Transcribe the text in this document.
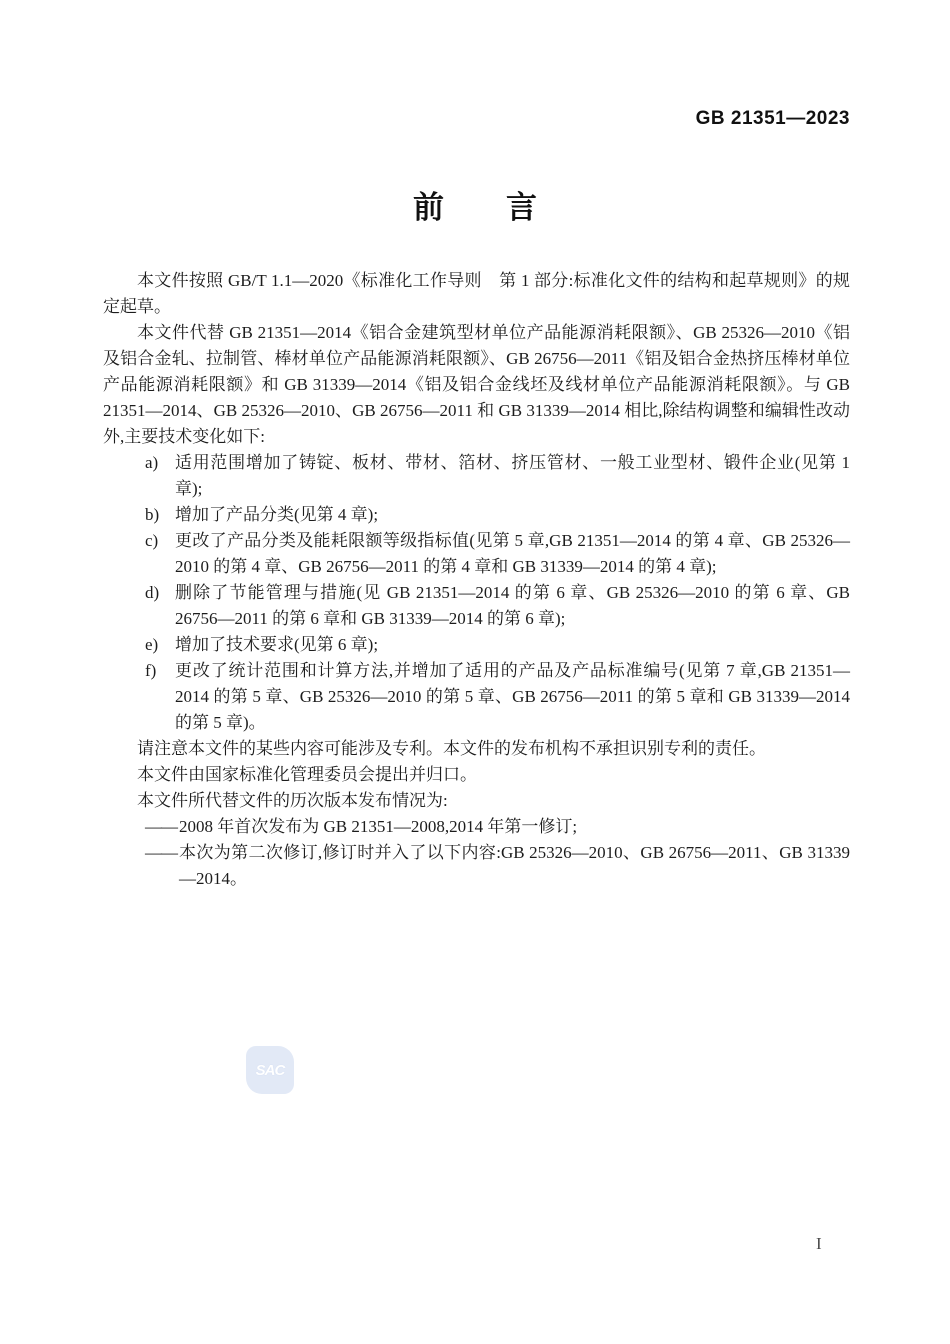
GB 21351—2023
前　　言

本文件按照 GB/T 1.1—2020《标准化工作导则　第 1 部分:标准化文件的结构和起草规则》的规定起草。

本文件代替 GB 21351—2014《铝合金建筑型材单位产品能源消耗限额》、GB 25326—2010《铝及铝合金轧、拉制管、棒材单位产品能源消耗限额》、GB 26756—2011《铝及铝合金热挤压棒材单位产品能源消耗限额》和 GB 31339—2014《铝及铝合金线坯及线材单位产品能源消耗限额》。与 GB 21351—2014、GB 25326—2010、GB 26756—2011 和 GB 31339—2014 相比,除结构调整和编辑性改动外,主要技术变化如下:

a) 适用范围增加了铸锭、板材、带材、箔材、挤压管材、一般工业型材、锻件企业(见第 1 章);
b) 增加了产品分类(见第 4 章);
c) 更改了产品分类及能耗限额等级指标值(见第 5 章,GB 21351—2014 的第 4 章、GB 25326—2010 的第 4 章、GB 26756—2011 的第 4 章和 GB 31339—2014 的第 4 章);
d) 删除了节能管理与措施(见 GB 21351—2014 的第 6 章、GB 25326—2010 的第 6 章、GB 26756—2011 的第 6 章和 GB 31339—2014 的第 6 章);
e) 增加了技术要求(见第 6 章);
f) 更改了统计范围和计算方法,并增加了适用的产品及产品标准编号(见第 7 章,GB 21351—2014 的第 5 章、GB 25326—2010 的第 5 章、GB 26756—2011 的第 5 章和 GB 31339—2014 的第 5 章)。

请注意本文件的某些内容可能涉及专利。本文件的发布机构不承担识别专利的责任。

本文件由国家标准化管理委员会提出并归口。

本文件所代替文件的历次版本发布情况为:

—— 2008 年首次发布为 GB 21351—2008,2014 年第一修订;
—— 本次为第二次修订,修订时并入了以下内容:GB 25326—2010、GB 26756—2011、GB 31339—2014。
SAC
I
